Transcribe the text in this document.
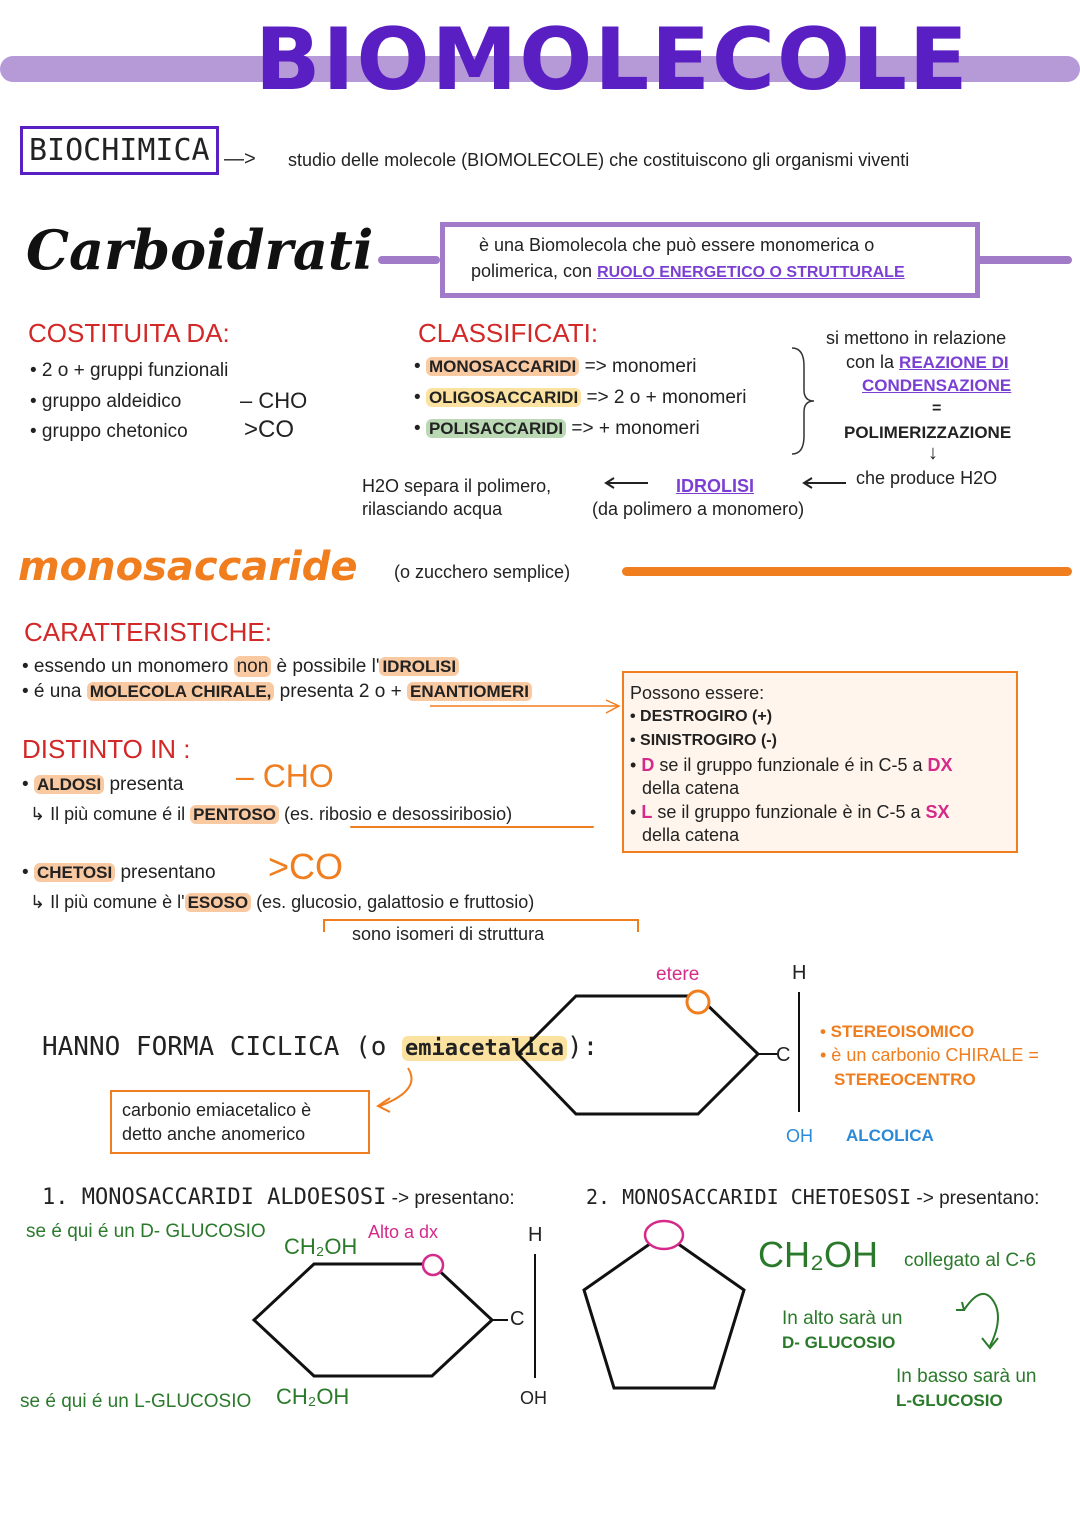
BIOMOLECOLE
BIOCHIMICA —> studio delle molecole (BIOMOLECOLE) che costituiscono gli organismi viventi
Carboidrati	è una Biomolecola che può essere monomerica o
polimerica, con RUOLO ENERGETICO O STRUTTURALE
COSTITUITA DA:
• 2 o + gruppi funzionali
• gruppo aldeidico
• gruppo chetonico
– CHO
>CO
CLASSIFICATI:
• MONOSACCARIDI => monomeri
• OLIGOSACCARIDI => 2 o + monomeri
• POLISACCARIDI => + monomeri
si mettono in relazione
con la REAZIONE DI
CONDENSAZIONE
=
POLIMERIZZAZIONE
↓
che produce H2O
IDROLISI
(da polimero a monomero)
H2O separa il polimero,
rilasciando acqua
monosaccaride (o zucchero semplice)
CARATTERISTICHE:
• essendo un monomero non è possibile l' IDROLISI
• é una MOLECOLA CHIRALE, presenta 2 o + ENANTIOMERI	Possono essere:
• DESTROGIRO (+)
• SINISTROGIRO (-)
• D se il gruppo funzionale é in C-5 a DX
della catena
• L se il gruppo funzionale è in C-5 a SX
della catena
DISTINTO IN :
• ALDOSI presenta – CHO
↳ Il più comune é il PENTOSO (es. ribosio e desossiribosio)
• CHETOSI presentano >CO
↳ Il più comune è l' ESOSO (es. glucosio, galattosio e fruttosio)
sono isomeri di struttura
HANNO FORMA CICLICA (o emiacetalica ):
carbonio emiacetalico è
detto anche anomerico
etere	H
C
OH ALCOLICA
• STEREOISOMICO
• è un carbonio CHIRALE =
STEREOCENTRO
1. MONOSACCARIDI ALDOESOSI -> presentano:
se é qui é un D- GLUCOSIO
CH₂OH
Alto a dx
se é qui é un L-GLUCOSIO CH₂OH
H
C
OH
2. MONOSACCARIDI CHETOESOSI -> presentano:
CH₂OH collegato al C-6
In alto sarà un
D- GLUCOSIO
In basso sarà un
L-GLUCOSIO
